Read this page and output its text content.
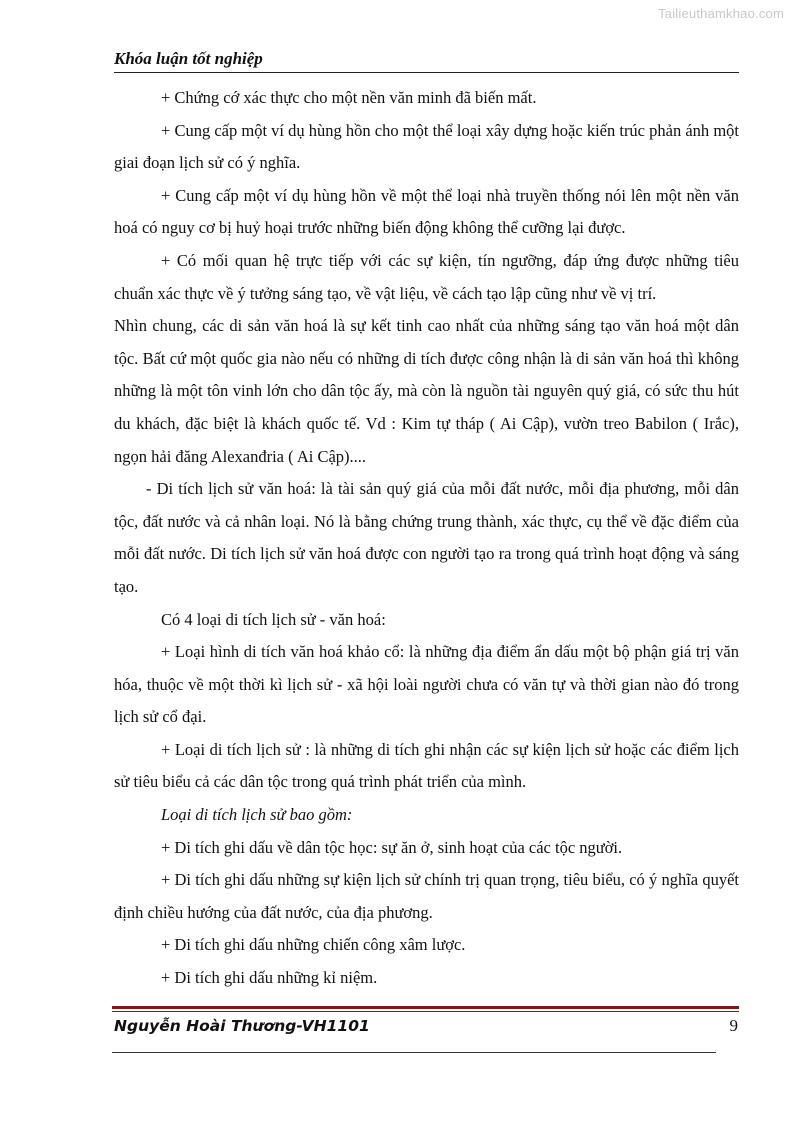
Tailieuthamkhao.com
Khóa luận tốt nghiệp

+ Chứng cớ xác thực cho một nền văn minh đã biến mất.

+ Cung cấp một ví dụ hùng hồn cho một thể loại xây dựng hoặc kiến trúc phản ánh một giai đoạn lịch sử có ý nghĩa.

+ Cung cấp một ví dụ hùng hồn về một thể loại nhà truyền thống nói lên một nền văn hoá có nguy cơ bị huỷ hoại trước những biến động không thể cưỡng lại được.

+ Có mối quan hệ trực tiếp với các sự kiện, tín ngưỡng, đáp ứng được những tiêu chuẩn xác thực về ý tưởng sáng tạo, về vật liệu, về cách tạo lập cũng như về vị trí.

Nhìn chung, các di sản văn hoá là sự kết tinh cao nhất của những sáng tạo văn hoá một dân tộc. Bất cứ một quốc gia nào nếu có những di tích được công nhận là di sản văn hoá thì không những là một tôn vinh lớn cho dân tộc ấy, mà còn là nguồn tài nguyên quý giá, có sức thu hút du khách, đặc biệt là khách quốc tế. Vd : Kim tự tháp ( Ai Cập), vườn treo Babilon ( Irắc), ngọn hải đăng Alexanđria ( Ai Cập)....

- Di tích lịch sử văn hoá: là tài sản quý giá của mỗi đất nước, mỗi địa phương, mỗi dân tộc, đất nước và cả nhân loại. Nó là bằng chứng trung thành, xác thực, cụ thể về đặc điểm của mỗi đất nước. Di tích lịch sử văn hoá được con người tạo ra trong quá trình hoạt động và sáng tạo.

Có 4 loại di tích lịch sử - văn hoá:

+ Loại hình di tích văn hoá khảo cổ: là những địa điểm ẩn dấu một bộ phận giá trị văn hóa, thuộc về một thời kì lịch sử - xã hội loài người chưa có văn tự và thời gian nào đó trong lịch sử cổ đại.

+ Loại di tích lịch sử : là những di tích ghi nhận các sự kiện lịch sử hoặc các điểm lịch sử tiêu biểu cả các dân tộc trong quá trình phát triển của mình.

Loại di tích lịch sử bao gồm:

+ Di tích ghi dấu về dân tộc học: sự ăn ở, sinh hoạt của các tộc người.

+ Di tích ghi dấu những sự kiện lịch sử chính trị quan trọng, tiêu biểu, có ý nghĩa quyết định chiều hướng của đất nước, của địa phương.

+ Di tích ghi dấu những chiến công xâm lược.

+ Di tích ghi dấu những kỉ niệm.

Nguyễn Hoài Thương-VH1101	9
